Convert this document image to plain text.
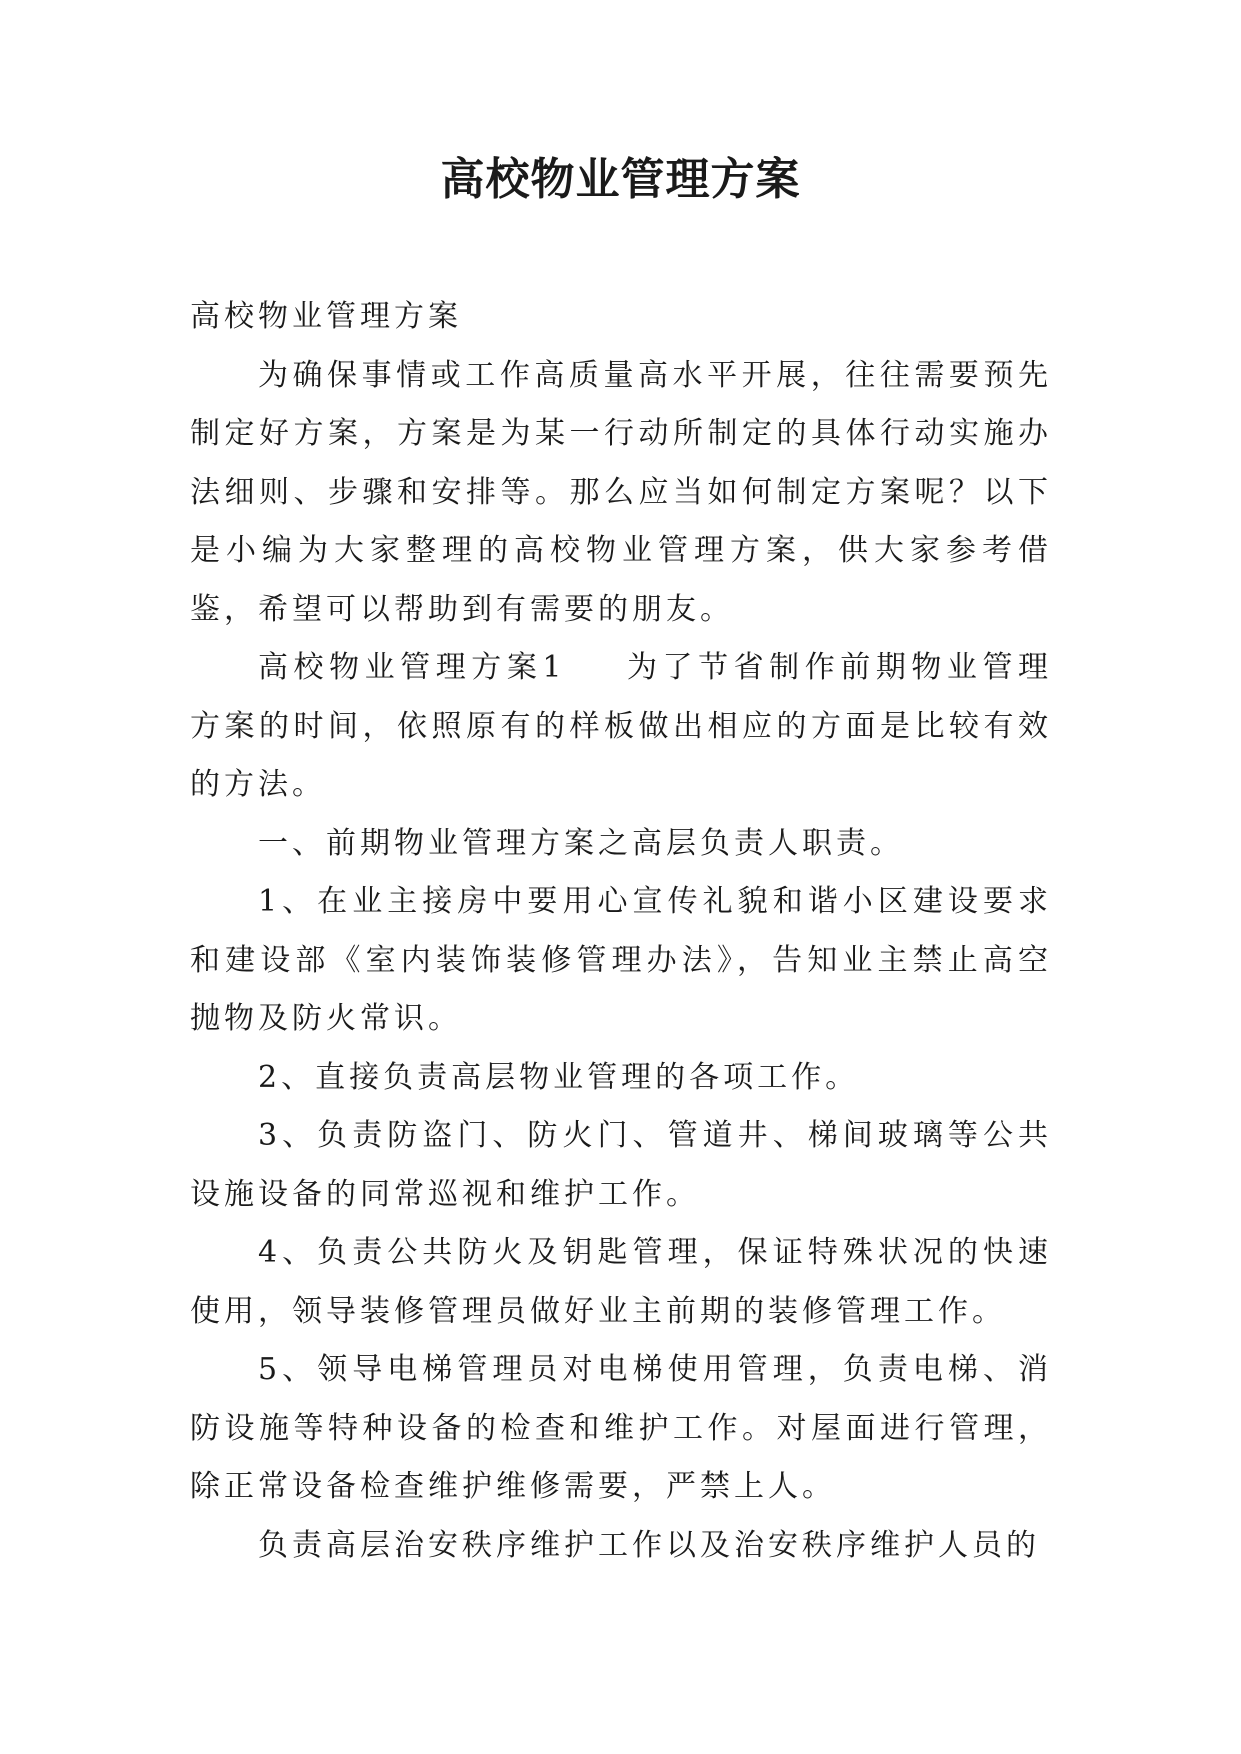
高校物业管理方案

高校物业管理方案

为确保事情或工作高质量高水平开展，往往需要预先制定好方案，方案是为某一行动所制定的具体行动实施办法细则、步骤和安排等。那么应当如何制定方案呢？以下是小编为大家整理的高校物业管理方案，供大家参考借鉴，希望可以帮助到有需要的朋友。

高校物业管理方案1 为了节省制作前期物业管理方案的时间，依照原有的样板做出相应的方面是比较有效的方法。

一、前期物业管理方案之高层负责人职责。

1、在业主接房中要用心宣传礼貌和谐小区建设要求和建设部《室内装饰装修管理办法》，告知业主禁止高空抛物及防火常识。

2、直接负责高层物业管理的各项工作。

3、负责防盗门、防火门、管道井、梯间玻璃等公共设施设备的同常巡视和维护工作。

4、负责公共防火及钥匙管理，保证特殊状况的快速使用，领导装修管理员做好业主前期的装修管理工作。

5、领导电梯管理员对电梯使用管理，负责电梯、消防设施等特种设备的检查和维护工作。对屋面进行管理，除正常设备检查维护维修需要，严禁上人。

负责高层治安秩序维护工作以及治安秩序维护人员的
